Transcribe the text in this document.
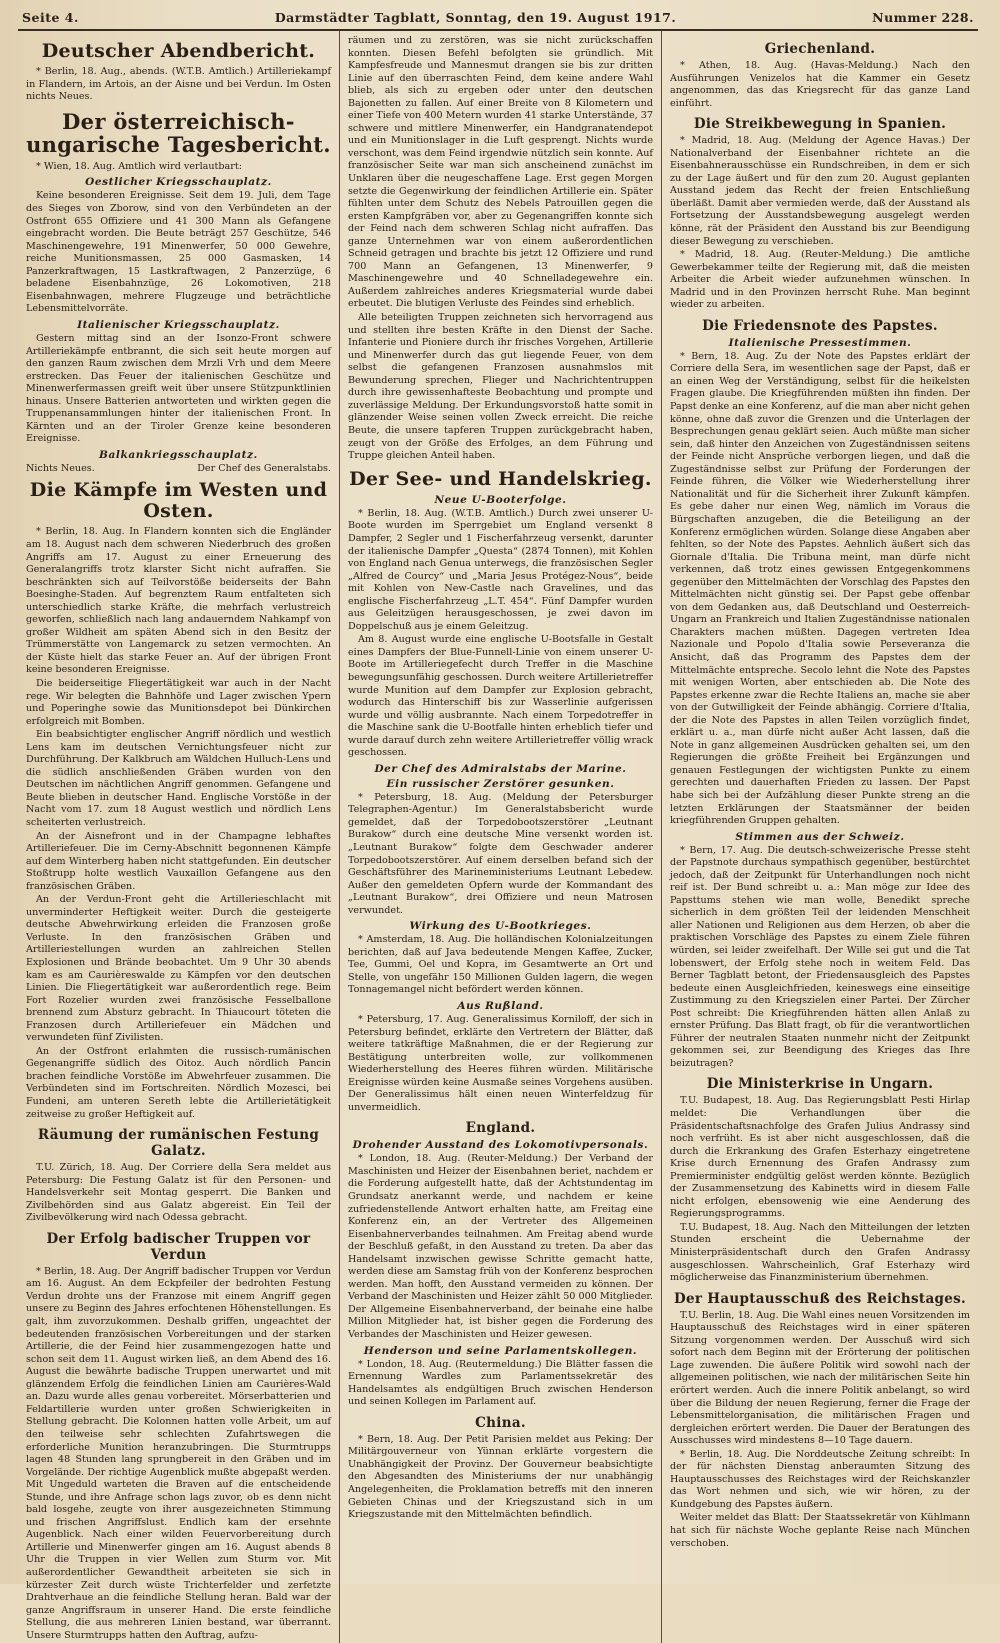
Seite 4.	Darmstädter Tagblatt, Sonntag, den 19. August 1917.	Nummer 228.
Deutscher Abendbericht.

* Berlin, 18. Aug., abends. (W.T.B. Amtlich.) Artilleriekampf in Flandern, im Artois, an der Aisne und bei Verdun. Im Osten nichts Neues.

Der österreichisch-ungarische Tagesbericht.

* Wien, 18. Aug. Amtlich wird verlautbart:

Oestlicher Kriegsschauplatz.

Keine besonderen Ereignisse. Seit dem 19. Juli, dem Tage des Sieges von Zborow, sind von den Verbündeten an der Ostfront 655 Offiziere und 41 300 Mann als Gefangene eingebracht worden. Die Beute beträgt 257 Geschütze, 546 Maschinengewehre, 191 Minenwerfer, 50 000 Gewehre, reiche Munitionsmassen, 25 000 Gasmasken, 14 Panzerkraftwagen, 15 Lastkraftwagen, 2 Panzerzüge, 6 beladene Eisenbahnzüge, 26 Lokomotiven, 218 Eisenbahnwagen, mehrere Flugzeuge und beträchtliche Lebensmittelvorräte.

Italienischer Kriegsschauplatz.

Gestern mittag sind an der Isonzo-Front schwere Artilleriekämpfe entbrannt, die sich seit heute morgen auf den ganzen Raum zwischen dem Mrzli Vrh und dem Meere erstrecken. Das Feuer der italienischen Geschütze und Minenwerfermassen greift weit über unsere Stützpunktlinien hinaus. Unsere Batterien antworteten und wirkten gegen die Truppenansammlungen hinter der italienischen Front. In Kärnten und an der Tiroler Grenze keine besonderen Ereignisse.

Balkankriegsschauplatz.
Nichts Neues.	Der Chef des Generalstabs.
Die Kämpfe im Westen und Osten.

* Berlin, 18. Aug. In Flandern konnten sich die Engländer am 18. August nach dem schweren Niederbruch des großen Angriffs am 17. August zu einer Erneuerung des Generalangriffs trotz klarster Sicht nicht aufraffen. Sie beschränkten sich auf Teilvorstöße beiderseits der Bahn Boesinghe-Staden. Auf begrenztem Raum entfalteten sich unterschiedlich starke Kräfte, die mehrfach verlustreich geworfen, schließlich nach lang andauerndem Nahkampf von großer Wildheit am späten Abend sich in den Besitz der Trümmerstätte von Langemarck zu setzen vermochten. An der Küste hielt das starke Feuer an. Auf der übrigen Front keine besonderen Ereignisse.

Die beiderseitige Fliegertätigkeit war auch in der Nacht rege. Wir belegten die Bahnhöfe und Lager zwischen Ypern und Poperinghe sowie das Munitionsdepot bei Dünkirchen erfolgreich mit Bomben.

Ein beabsichtigter englischer Angriff nördlich und westlich Lens kam im deutschen Vernichtungsfeuer nicht zur Durchführung. Der Kalkbruch am Wäldchen Hulluch-Lens und die südlich anschließenden Gräben wurden von den Deutschen im nächtlichen Angriff genommen. Gefangene und Beute blieben in deutscher Hand. Englische Vorstöße in der Nacht vom 17. zum 18 August westlich und nördlich Lens scheiterten verlustreich.

An der Aisnefront und in der Champagne lebhaftes Artilleriefeuer. Die im Cerny-Abschnitt begonnenen Kämpfe auf dem Winterberg haben nicht stattgefunden. Ein deutscher Stoßtrupp holte westlich Vauxaillon Gefangene aus den französischen Gräben.

An der Verdun-Front geht die Artillerieschlacht mit unverminderter Heftigkeit weiter. Durch die gesteigerte deutsche Abwehrwirkung erleiden die Franzosen große Verluste. In den französischen Gräben und Artilleriestellungen wurden an zahlreichen Stellen Explosionen und Brände beobachtet. Um 9 Uhr 30 abends kam es am Caurièreswalde zu Kämpfen vor den deutschen Linien. Die Fliegertätigkeit war außerordentlich rege. Beim Fort Rozelier wurden zwei französische Fesselballone brennend zum Absturz gebracht. In Thiaucourt töteten die Franzosen durch Artilleriefeuer ein Mädchen und verwundeten fünf Zivilisten.

An der Ostfront erlahmten die russisch-rumänischen Gegenangriffe südlich des Oitoz. Auch nördlich Pancin brachen feindliche Vorstöße im Abwehrfeuer zusammen. Die Verbündeten sind im Fortschreiten. Nördlich Mozesci, bei Fundeni, am unteren Sereth lebte die Artillerietätigkeit zeitweise zu großer Heftigkeit auf.

Räumung der rumänischen Festung Galatz.

T.U. Zürich, 18. Aug. Der Corriere della Sera meldet aus Petersburg: Die Festung Galatz ist für den Personen- und Handelsverkehr seit Montag gesperrt. Die Banken und Zivilbehörden sind aus Galatz abgereist. Ein Teil der Zivilbevölkerung wird nach Odessa gebracht.

Der Erfolg badischer Truppen vor Verdun

* Berlin, 18. Aug. Der Angriff badischer Truppen vor Verdun am 16. August. An dem Eckpfeiler der bedrohten Festung Verdun drohte uns der Franzose mit einem Angriff gegen unsere zu Beginn des Jahres erfochtenen Höhenstellungen. Es galt, ihm zuvorzukommen. Deshalb griffen, ungeachtet der bedeutenden französischen Vorbereitungen und der starken Artillerie, die der Feind hier zusammengezogen hatte und schon seit dem 11. August wirken ließ, an dem Abend des 16. August die bewährte badische Truppen unerwartet und mit glänzendem Erfolg die feindlichen Linien am Caurières-Wald an. Dazu wurde alles genau vorbereitet. Mörserbatterien und Feldartillerie wurden unter großen Schwierigkeiten in Stellung gebracht. Die Kolonnen hatten volle Arbeit, um auf den teilweise sehr schlechten Zufahrtswegen die erforderliche Munition heranzubringen. Die Sturmtrupps lagen 48 Stunden lang sprungbereit in den Gräben und im Vorgelände. Der richtige Augenblick mußte abgepaßt werden. Mit Ungeduld warteten die Braven auf die entscheidende Stunde, und ihre Anfrage schon lags zuvor, ob es denn nicht bald losgehe, zeugte von ihrer ausgezeichneten Stimmung und frischen Angriffslust. Endlich kam der ersehnte Augenblick. Nach einer wilden Feuervorbereitung durch Artillerie und Minenwerfer gingen am 16. August abends 8 Uhr die Truppen in vier Wellen zum Sturm vor. Mit außerordentlicher Gewandtheit arbeiteten sie sich in kürzester Zeit durch wüste Trichterfelder und zerfetzte Drahtverhaue an die feindliche Stellung heran. Bald war der ganze Angriffsraum in unserer Hand. Die erste feindliche Stellung, die aus mehreren Linien bestand, war überrannt. Unsere Sturmtrupps hatten den Auftrag, aufzu-

räumen und zu zerstören, was sie nicht zurückschaffen konnten. Diesen Befehl befolgten sie gründlich. Mit Kampfesfreude und Mannesmut drangen sie bis zur dritten Linie auf den überraschten Feind, dem keine andere Wahl blieb, als sich zu ergeben oder unter den deutschen Bajonetten zu fallen. Auf einer Breite von 8 Kilometern und einer Tiefe von 400 Metern wurden 41 starke Unterstände, 37 schwere und mittlere Minenwerfer, ein Handgranatendepot und ein Munitionslager in die Luft gesprengt. Nichts wurde verschont, was dem Feind irgendwie nützlich sein konnte. Auf französischer Seite war man sich anscheinend zunächst im Unklaren über die neugeschaffene Lage. Erst gegen Morgen setzte die Gegenwirkung der feindlichen Artillerie ein. Später fühlten unter dem Schutz des Nebels Patrouillen gegen die ersten Kampfgräben vor, aber zu Gegenangriffen konnte sich der Feind nach dem schweren Schlag nicht aufraffen. Das ganze Unternehmen war von einem außerordentlichen Schneid getragen und brachte bis jetzt 12 Offiziere und rund 700 Mann an Gefangenen, 13 Minenwerfer, 9 Maschinengewehre und 40 Schnelladegewehre ein. Außerdem zahlreiches anderes Kriegsmaterial wurde dabei erbeutet. Die blutigen Verluste des Feindes sind erheblich.

Alle beteiligten Truppen zeichneten sich hervorragend aus und stellten ihre besten Kräfte in den Dienst der Sache. Infanterie und Pioniere durch ihr frisches Vorgehen, Artillerie und Minenwerfer durch das gut liegende Feuer, von dem selbst die gefangenen Franzosen ausnahmslos mit Bewunderung sprechen, Flieger und Nachrichtentruppen durch ihre gewissenhafteste Beobachtung und prompte und zuverlässige Meldung. Der Erkundungsvorstoß hatte somit in glänzender Weise seinen vollen Zweck erreicht. Die reiche Beute, die unsere tapferen Truppen zurückgebracht haben, zeugt von der Größe des Erfolges, an dem Führung und Truppe gleichen Anteil haben.

Der See- und Handelskrieg.
Neue U-Booterfolge.

* Berlin, 18. Aug. (W.T.B. Amtlich.) Durch zwei unserer U-Boote wurden im Sperrgebiet um England versenkt 8 Dampfer, 2 Segler und 1 Fischerfahrzeug versenkt, darunter der italienische Dampfer „Questa“ (2874 Tonnen), mit Kohlen von England nach Genua unterwegs, die französischen Segler „Alfred de Courcy“ und „Maria Jesus Protégez-Nous“, beide mit Kohlen von New-Castle nach Gravelines, und das englische Fischerfahrzeug „L.T. 454“. Fünf Dampfer wurden aus Geleitzügen herausgeschossen, je zwei davon im Doppelschuß aus je einem Geleitzug.

Am 8. August wurde eine englische U-Bootsfalle in Gestalt eines Dampfers der Blue-Funnell-Linie von einem unserer U-Boote im Artilleriegefecht durch Treffer in die Maschine bewegungsunfähig geschossen. Durch weitere Artillerietreffer wurde Munition auf dem Dampfer zur Explosion gebracht, wodurch das Hinterschiff bis zur Wasserlinie aufgerissen wurde und völlig ausbrannte. Nach einem Torpedotreffer in die Maschine sank die U-Bootfalle hinten erheblich tiefer und wurde darauf durch zehn weitere Artillerietreffer völlig wrack geschossen.

Der Chef des Admiralstabs der Marine.
Ein russischer Zerstörer gesunken.

* Petersburg, 18. Aug. (Meldung der Petersburger Telegraphen-Agentur.) Im Generalstabsbericht wurde gemeldet, daß der Torpedobootszerstörer „Leutnant Burakow“ durch eine deutsche Mine versenkt worden ist. „Leutnant Burakow“ folgte dem Geschwader anderer Torpedobootszerstörer. Auf einem derselben befand sich der Geschäftsführer des Marineministeriums Leutnant Lebedew. Außer den gemeldeten Opfern wurde der Kommandant des „Leutnant Burakow“, drei Offiziere und neun Matrosen verwundet.

Wirkung des U-Bootkrieges.

* Amsterdam, 18. Aug. Die holländischen Kolonialzeitungen berichten, daß auf Java bedeutende Mengen Kaffee, Zucker, Tee, Gummi, Oel und Kopra, im Gesamtwerte an Ort und Stelle, von ungefähr 150 Millionen Gulden lagern, die wegen Tonnagemangel nicht befördert werden können.

Aus Rußland.

* Petersburg, 17. Aug. Generalissimus Korniloff, der sich in Petersburg befindet, erklärte den Vertretern der Blätter, daß weitere tatkräftige Maßnahmen, die er der Regierung zur Bestätigung unterbreiten wolle, zur vollkommenen Wiederherstellung des Heeres führen würden. Militärische Ereignisse würden keine Ausmaße seines Vorgehens ausüben. Der Generalissimus hält einen neuen Winterfeldzug für unvermeidlich.

England.
Drohender Ausstand des Lokomotivpersonals.

* London, 18. Aug. (Reuter-Meldung.) Der Verband der Maschinisten und Heizer der Eisenbahnen beriet, nachdem er die Forderung aufgestellt hatte, daß der Achtstundentag im Grundsatz anerkannt werde, und nachdem er keine zufriedenstellende Antwort erhalten hatte, am Freitag eine Konferenz ein, an der Vertreter des Allgemeinen Eisenbahnerverbandes teilnahmen. Am Freitag abend wurde der Beschluß gefaßt, in den Ausstand zu treten. Da aber das Handelsamt inzwischen gewisse Schritte gemacht hatte, werden diese am Samstag früh von der Konferenz besprochen werden. Man hofft, den Ausstand vermeiden zu können. Der Verband der Maschinisten und Heizer zählt 50 000 Mitglieder. Der Allgemeine Eisenbahnerverband, der beinahe eine halbe Million Mitglieder hat, ist bisher gegen die Forderung des Verbandes der Maschinisten und Heizer gewesen.

Henderson und seine Parlamentskollegen.

* London, 18. Aug. (Reutermeldung.) Die Blätter fassen die Ernennung Wardles zum Parlamentssekretär des Handelsamtes als endgültigen Bruch zwischen Henderson und seinen Kollegen im Parlament auf.

China.

* Bern, 18. Aug. Der Petit Parisien meldet aus Peking: Der Militärgouverneur von Yünnan erklärte vorgestern die Unabhängigkeit der Provinz. Der Gouverneur beabsichtigte den Abgesandten des Ministeriums der nur unabhängig Angelegenheiten, die Proklamation betreffs mit den inneren Gebieten Chinas und der Kriegszustand sich in um Kriegszustande mit den Mittelmächten befindlich.

Griechenland.

* Athen, 18. Aug. (Havas-Meldung.) Nach den Ausführungen Venizelos hat die Kammer ein Gesetz angenommen, das das Kriegsrecht für das ganze Land einführt.

Die Streikbewegung in Spanien.

* Madrid, 18. Aug. (Meldung der Agence Havas.) Der Nationalverband der Eisenbahner richtete an die Eisenbahnerausschüsse ein Rundschreiben, in dem er sich zu der Lage äußert und für den zum 20. August geplanten Ausstand jedem das Recht der freien Entschließung überläßt. Damit aber vermieden werde, daß der Ausstand als Fortsetzung der Ausstandsbewegung ausgelegt werden könne, rät der Präsident den Ausstand bis zur Beendigung dieser Bewegung zu verschieben.

* Madrid, 18. Aug. (Reuter-Meldung.) Die amtliche Gewerbekammer teilte der Regierung mit, daß die meisten Arbeiter die Arbeit wieder aufzunehmen wünschen. In Madrid und in den Provinzen herrscht Ruhe. Man beginnt wieder zu arbeiten.

Die Friedensnote des Papstes.
Italienische Pressestimmen.

* Bern, 18. Aug. Zu der Note des Papstes erklärt der Corriere della Sera, im wesentlichen sage der Papst, daß er an einen Weg der Verständigung, selbst für die heikelsten Fragen glaube. Die Kriegführenden müßten ihn finden. Der Papst denke an eine Konferenz, auf die man aber nicht gehen könne, ohne daß zuvor die Grenzen und die Unterlagen der Besprechungen genau geklärt seien. Auch müßte man sicher sein, daß hinter den Anzeichen von Zugeständnissen seitens der Feinde nicht Ansprüche verborgen liegen, und daß die Zugeständnisse selbst zur Prüfung der Forderungen der Feinde führen, die Völker wie Wiederherstellung ihrer Nationalität und für die Sicherheit ihrer Zukunft kämpfen. Es gebe daher nur einen Weg, nämlich im Voraus die Bürgschaften anzugeben, die die Beteiligung an der Konferenz ermöglichen würden. Solange diese Angaben aber fehlten, so der Note des Papstes. Aehnlich äußert sich das Giornale d'Italia. Die Tribuna meint, man dürfe nicht verkennen, daß trotz eines gewissen Entgegenkommens gegenüber den Mittelmächten der Vorschlag des Papstes den Mittelmächten nicht günstig sei. Der Papst gebe offenbar von dem Gedanken aus, daß Deutschland und Oesterreich-Ungarn an Frankreich und Italien Zugeständnisse nationalen Charakters machen müßten. Dagegen vertreten Idea Nazionale und Popolo d'Italia sowie Perseveranza die Ansicht, daß das Programm des Papstes dem der Mittelmächte entspreche. Secolo lehnt die Note des Papstes mit wenigen Worten, aber entschieden ab. Die Note des Papstes erkenne zwar die Rechte Italiens an, mache sie aber von der Gutwilligkeit der Feinde abhängig. Corriere d'Italia, der die Note des Papstes in allen Teilen vorzüglich findet, erklärt u. a., man dürfe nicht außer Acht lassen, daß die Note in ganz allgemeinen Ausdrücken gehalten sei, um den Regierungen die größte Freiheit bei Ergänzungen und genauen Festlegungen der wichtigsten Punkte zu einem gerechten und dauerhaften Frieden zu lassen. Der Papst habe sich bei der Aufzählung dieser Punkte streng an die letzten Erklärungen der Staatsmänner der beiden kriegführenden Gruppen gehalten.

Stimmen aus der Schweiz.

* Bern, 17. Aug. Die deutsch-schweizerische Presse steht der Papstnote durchaus sympathisch gegenüber, bestürchtet jedoch, daß der Zeitpunkt für Unterhandlungen noch nicht reif ist. Der Bund schreibt u. a.: Man möge zur Idee des Papsttums stehen wie man wolle, Benedikt spreche sicherlich in dem größten Teil der leidenden Menschheit aller Nationen und Religionen aus dem Herzen, ob aber die praktischen Vorschläge des Papstes zu einem Ziele führen würden, sei leider zweifelhaft. Der Wille sei gut und die Tat lobenswert, der Erfolg stehe noch in weitem Feld. Das Berner Tagblatt betont, der Friedensausgleich des Papstes bedeute einen Ausgleichfrieden, keineswegs eine einseitige Zustimmung zu den Kriegszielen einer Partei. Der Zürcher Post schreibt: Die Kriegführenden hätten allen Anlaß zu ernster Prüfung. Das Blatt fragt, ob für die verantwortlichen Führer der neutralen Staaten nunmehr nicht der Zeitpunkt gekommen sei, zur Beendigung des Krieges das Ihre beizutragen?

Die Ministerkrise in Ungarn.

T.U. Budapest, 18. Aug. Das Regierungsblatt Pesti Hirlap meldet: Die Verhandlungen über die Präsidentschaftsnachfolge des Grafen Julius Andrassy sind noch verfrüht. Es ist aber nicht ausgeschlossen, daß die durch die Erkrankung des Grafen Esterhazy eingetretene Krise durch Ernennung des Grafen Andrassy zum Premierminister endgültig gelöst werden könnte. Bezüglich der Zusammensetzung des Kabinetts wird in diesem Falle nicht erfolgen, ebensowenig wie eine Aenderung des Regierungsprogramms.

T.U. Budapest, 18. Aug. Nach den Mitteilungen der letzten Stunden erscheint die Uebernahme der Ministerpräsidentschaft durch den Grafen Andrassy ausgeschlossen. Wahrscheinlich, Graf Esterhazy wird möglicherweise das Finanzministerium übernehmen.

Der Hauptausschuß des Reichstages.

T.U. Berlin, 18. Aug. Die Wahl eines neuen Vorsitzenden im Hauptausschuß des Reichstages wird in einer späteren Sitzung vorgenommen werden. Der Ausschuß wird sich sofort nach dem Beginn mit der Erörterung der politischen Lage zuwenden. Die äußere Politik wird sowohl nach der allgemeinen politischen, wie nach der militärischen Seite hin erörtert werden. Auch die innere Politik anbelangt, so wird über die Bildung der neuen Regierung, ferner die Frage der Lebensmittelorganisation, die militärischen Fragen und dergleichen erörtert werden. Die Dauer der Beratungen des Ausschusses wird mindestens 8—10 Tage dauern.

* Berlin, 18. Aug. Die Norddeutsche Zeitung schreibt: In der für nächsten Dienstag anberaumten Sitzung des Hauptausschusses des Reichstages wird der Reichskanzler das Wort nehmen und sich, wie wir hören, zu der Kundgebung des Papstes äußern.

Weiter meldet das Blatt: Der Staatssekretär von Kühlmann hat sich für nächste Woche geplante Reise nach München verschoben.
